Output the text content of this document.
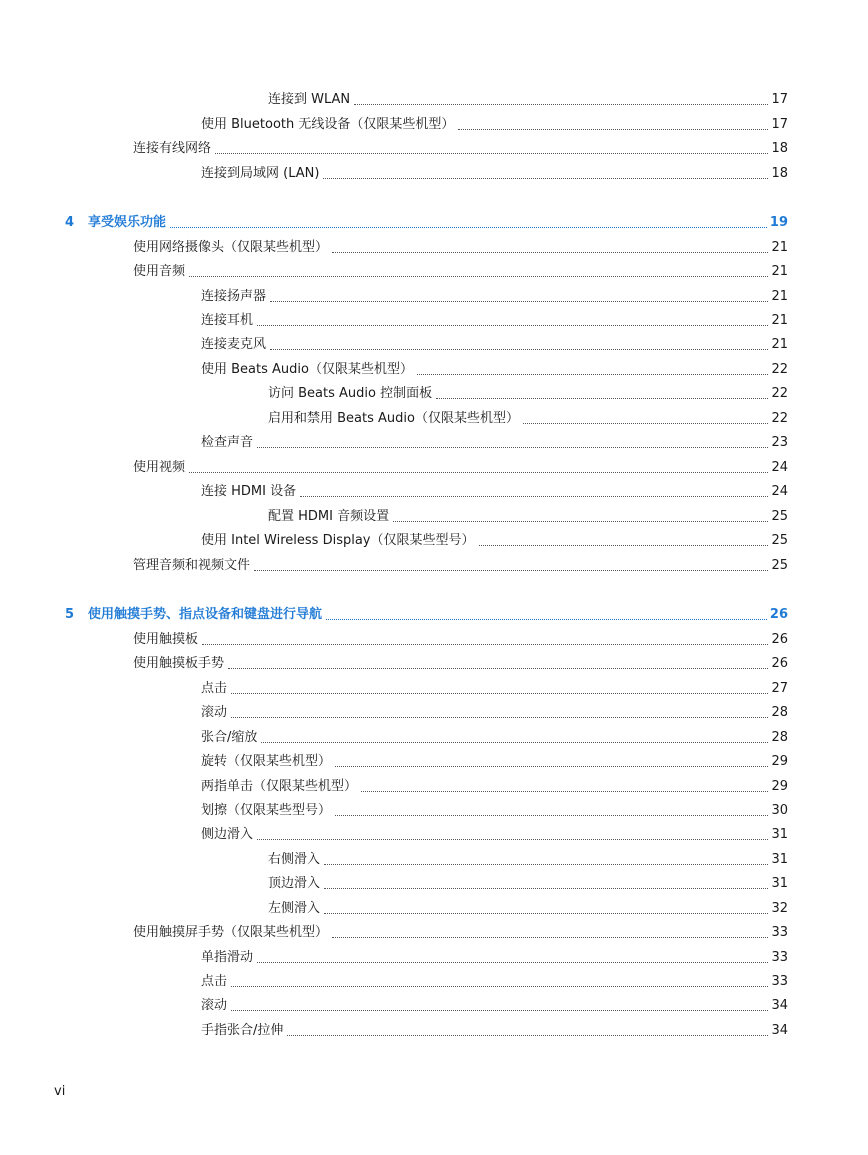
连接到 WLAN	17
使用 Bluetooth 无线设备（仅限某些机型）	17
连接有线网络	18
连接到局域网 (LAN)	18
4 享受娱乐功能	19
使用网络摄像头（仅限某些机型）	21
使用音频	21
连接扬声器	21
连接耳机	21
连接麦克风	21
使用 Beats Audio（仅限某些机型）	22
访问 Beats Audio 控制面板	22
启用和禁用 Beats Audio（仅限某些机型）	22
检查声音	23
使用视频	24
连接 HDMI 设备	24
配置 HDMI 音频设置	25
使用 Intel Wireless Display（仅限某些型号）	25
管理音频和视频文件	25
5 使用触摸手势、指点设备和键盘进行导航	26
使用触摸板	26
使用触摸板手势	26
点击	27
滚动	28
张合/缩放	28
旋转（仅限某些机型）	29
两指单击（仅限某些机型）	29
划擦（仅限某些型号）	30
侧边滑入	31
右侧滑入	31
顶边滑入	31
左侧滑入	32
使用触摸屏手势（仅限某些机型）	33
单指滑动	33
点击	33
滚动	34
手指张合/拉伸	34
vi
